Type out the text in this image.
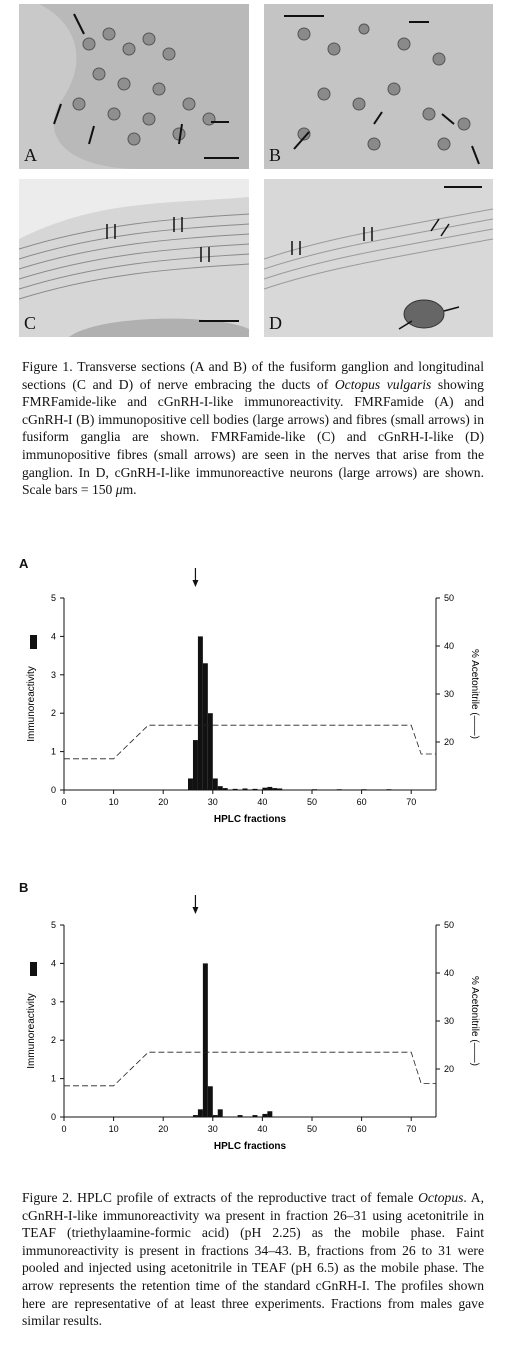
A	B
C	D

Figure 1. Transverse sections (A and B) of the fusiform ganglion and longitudinal sections (C and D) of nerve embracing the ducts of Octopus vulgaris showing FMRFamide-like and cGnRH-I-like immunoreactivity. FMRFamide (A) and cGnRH-I (B) immunopositive cell bodies (large arrows) and fibres (small arrows) in fusiform ganglia are shown. FMRFamide-like (C) and cGnRH-I-like (D) immunopositive fibres (small arrows) are seen in the nerves that arise from the ganglion. In D, cGnRH-I-like immunoreactive neurons (large arrows) are shown. Scale bars = 150 μm.

A
0	10	20	30	40	50	60	70
0
1
2
3
4
5
20
30
40
50
HPLC fractions
Immunoreactivity	% Acetonitrile (——)
B
0	10	20	30	40	50	60	70
0
1
2
3
4
5
20
30
40
50
HPLC fractions
Immunoreactivity	% Acetonitrile (——)

Figure 2. HPLC profile of extracts of the reproductive tract of female Octopus. A, cGnRH-I-like immunoreactivity wa present in fraction 26–31 using acetonitrile in TEAF (triethylaamine-formic acid) (pH 2.25) as the mobile phase. Faint immunoreactivity is present in fractions 34–43. B, fractions from 26 to 31 were pooled and injected using acetonitrile in TEAF (pH 6.5) as the mobile phase. The arrow represents the retention time of the standard cGnRH-I. The profiles shown here are representative of at least three experiments. Fractions from males gave similar results.
